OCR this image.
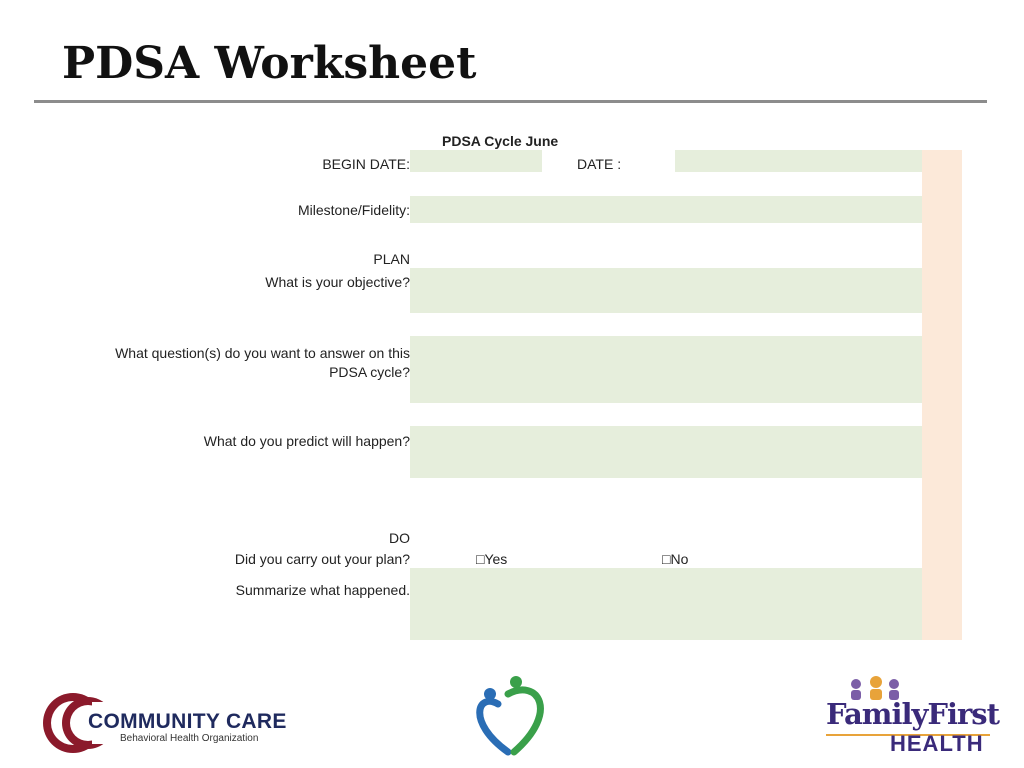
PDSA Worksheet
PDSA Cycle June
BEGIN DATE:	DATE :
Milestone/Fidelity:
PLAN
What is your objective?
What question(s) do you want to answer on this
PDSA cycle?
What do you predict will happen?
DO
Did you carry out your plan?	□Yes	□No
Summarize what happened.
COMMUNITY CARE
Behavioral Health Organization
FamilyFirst
HEALTH
